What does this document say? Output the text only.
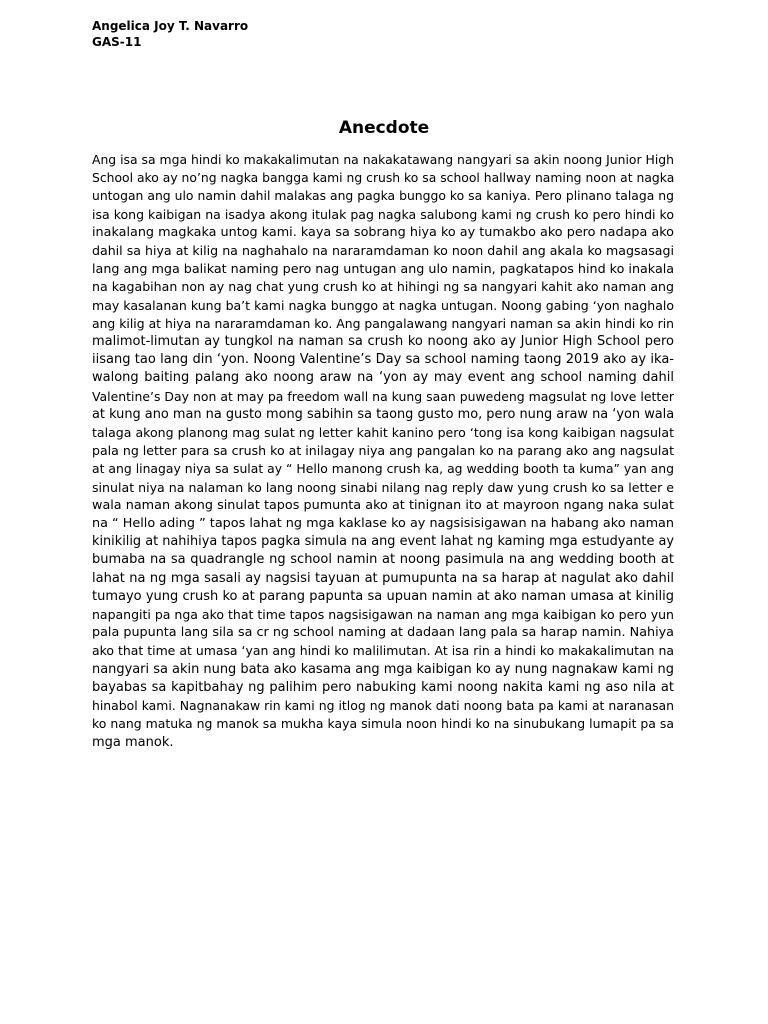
Angelica Joy T. Navarro
GAS-11
Anecdote

Ang isa sa mga hindi ko makakalimutan na nakakatawang nangyari sa akin noong Junior High
School ako ay no’ng nagka bangga kami ng crush ko sa school hallway naming noon at nagka
untogan ang ulo namin dahil malakas ang pagka bunggo ko sa kaniya. Pero plinano talaga ng
isa kong kaibigan na isadya akong itulak pag nagka salubong kami ng crush ko pero hindi ko
inakalang magkaka untog kami. kaya sa sobrang hiya ko ay tumakbo ako pero nadapa ako
dahil sa hiya at kilig na naghahalo na nararamdaman ko noon dahil ang akala ko magsasagi
lang ang mga balikat naming pero nag untugan ang ulo namin, pagkatapos hind ko inakala
na kagabihan non ay nag chat yung crush ko at hihingi ng sa nangyari kahit ako naman ang
may kasalanan kung ba’t kami nagka bunggo at nagka untugan. Noong gabing ‘yon naghalo
ang kilig at hiya na nararamdaman ko. Ang pangalawang nangyari naman sa akin hindi ko rin
malimot-limutan ay tungkol na naman sa crush ko noong ako ay Junior High School pero
iisang tao lang din ‘yon. Noong Valentine’s Day sa school naming taong 2019 ako ay ika-
walong baiting palang ako noong araw na ‘yon ay may event ang school naming dahil
Valentine’s Day non at may pa freedom wall na kung saan puwedeng magsulat ng love letter
at kung ano man na gusto mong sabihin sa taong gusto mo, pero nung araw na ‘yon wala
talaga akong planong mag sulat ng letter kahit kanino pero ‘tong isa kong kaibigan nagsulat
pala ng letter para sa crush ko at inilagay niya ang pangalan ko na parang ako ang nagsulat
at ang linagay niya sa sulat ay “ Hello manong crush ka, ag wedding booth ta kuma” yan ang
sinulat niya na nalaman ko lang noong sinabi nilang nag reply daw yung crush ko sa letter e
wala naman akong sinulat tapos pumunta ako at tinignan ito at mayroon ngang naka sulat
na “ Hello ading ” tapos lahat ng mga kaklase ko ay nagsisisigawan na habang ako naman
kinikilig at nahihiya tapos pagka simula na ang event lahat ng kaming mga estudyante ay
bumaba na sa quadrangle ng school namin at noong pasimula na ang wedding booth at
lahat na ng mga sasali ay nagsisi tayuan at pumupunta na sa harap at nagulat ako dahil
tumayo yung crush ko at parang papunta sa upuan namin at ako naman umasa at kinilig
napangiti pa nga ako that time tapos nagsisigawan na naman ang mga kaibigan ko pero yun
pala pupunta lang sila sa cr ng school naming at dadaan lang pala sa harap namin. Nahiya
ako that time at umasa ‘yan ang hindi ko malilimutan. At isa rin a hindi ko makakalimutan na
nangyari sa akin nung bata ako kasama ang mga kaibigan ko ay nung nagnakaw kami ng
bayabas sa kapitbahay ng palihim pero nabuking kami noong nakita kami ng aso nila at
hinabol kami. Nagnanakaw rin kami ng itlog ng manok dati noong bata pa kami at naranasan
ko nang matuka ng manok sa mukha kaya simula noon hindi ko na sinubukang lumapit pa sa
mga manok.
